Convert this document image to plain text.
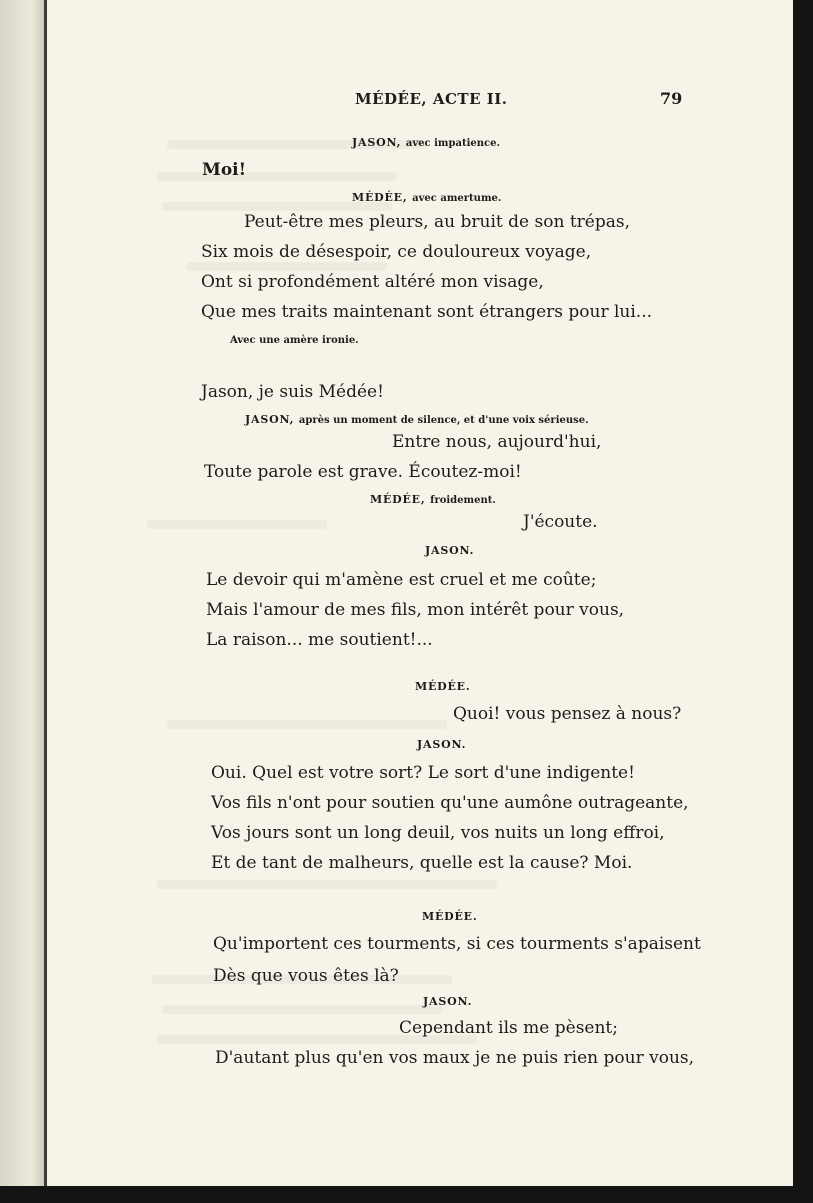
MÉDÉE, ACTE II.	79
JASON, avec impatience.
Moi!
MÉDÉE, avec amertume.
Peut-être mes pleurs, au bruit de son trépas,
Six mois de désespoir, ce douloureux voyage,
Ont si profondément altéré mon visage,
Que mes traits maintenant sont étrangers pour lui...
Avec une amère ironie.
Jason, je suis Médée!
JASON, après un moment de silence, et d'une voix sérieuse.
Entre nous, aujourd'hui,
Toute parole est grave. Écoutez-moi!
MÉDÉE, froidement.
J'écoute.
JASON.
Le devoir qui m'amène est cruel et me coûte;
Mais l'amour de mes fils, mon intérêt pour vous,
La raison... me soutient!...
MÉDÉE.
Quoi! vous pensez à nous?
JASON.
Oui. Quel est votre sort? Le sort d'une indigente!
Vos fils n'ont pour soutien qu'une aumône outrageante,
Vos jours sont un long deuil, vos nuits un long effroi,
Et de tant de malheurs, quelle est la cause? Moi.
MÉDÉE.
Qu'importent ces tourments, si ces tourments s'apaisent
Dès que vous êtes là?
JASON.
Cependant ils me pèsent;
D'autant plus qu'en vos maux je ne puis rien pour vous,
